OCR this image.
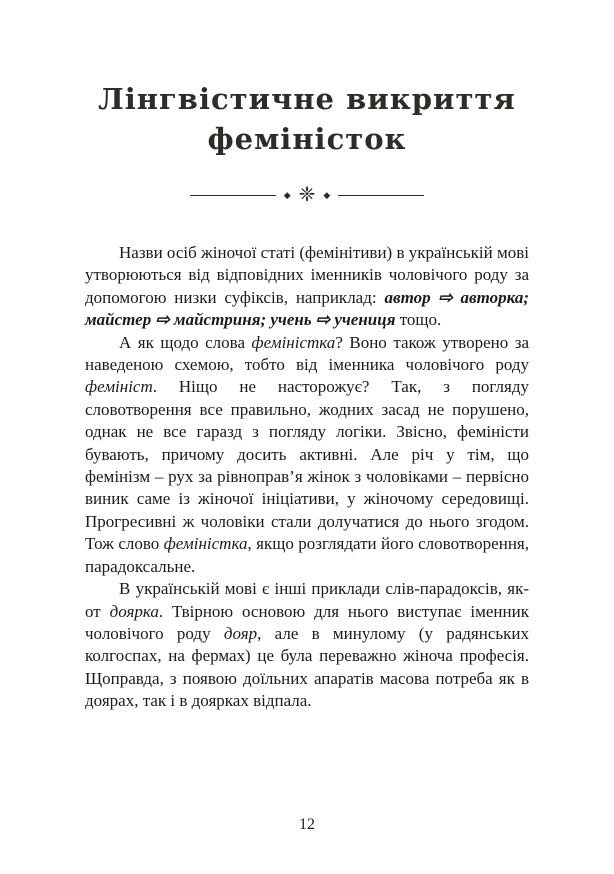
Лінгвістичне викриття
феміністок
◆ ❈ ◆

Назви осіб жіночої статі (фемінітиви) в українській мові утворюються від відповідних іменників чоловічого роду за допомогою низки суфіксів, наприклад: автор ⇨ авторка; майстер ⇨ майстриня; учень ⇨ учениця тощо.

А як щодо слова феміністка? Воно також утворено за наведеною схемою, тобто від іменника чоловічого роду фемініст. Ніщо не насторожує? Так, з погляду словотворення все правильно, жодних засад не порушено, однак не все гаразд з погляду логіки. Звісно, феміністи бувають, причому досить активні. Але річ у тім, що фемінізм – рух за рівноправ’я жінок з чоловіками – первісно виник саме із жіночої ініціативи, у жіночому середовищі. Прогресивні ж чоловіки стали долучатися до нього згодом. Тож слово феміністка, якщо розглядати його словотворення, парадоксальне.

В українській мові є інші приклади слів-парадоксів, як-от доярка. Твірною основою для нього виступає іменник чоловічого роду дояр, але в минулому (у радянських колгоспах, на фермах) це була переважно жіноча професія. Щоправда, з появою доїльних апаратів масова потреба як в доярах, так і в доярках відпала.

12
